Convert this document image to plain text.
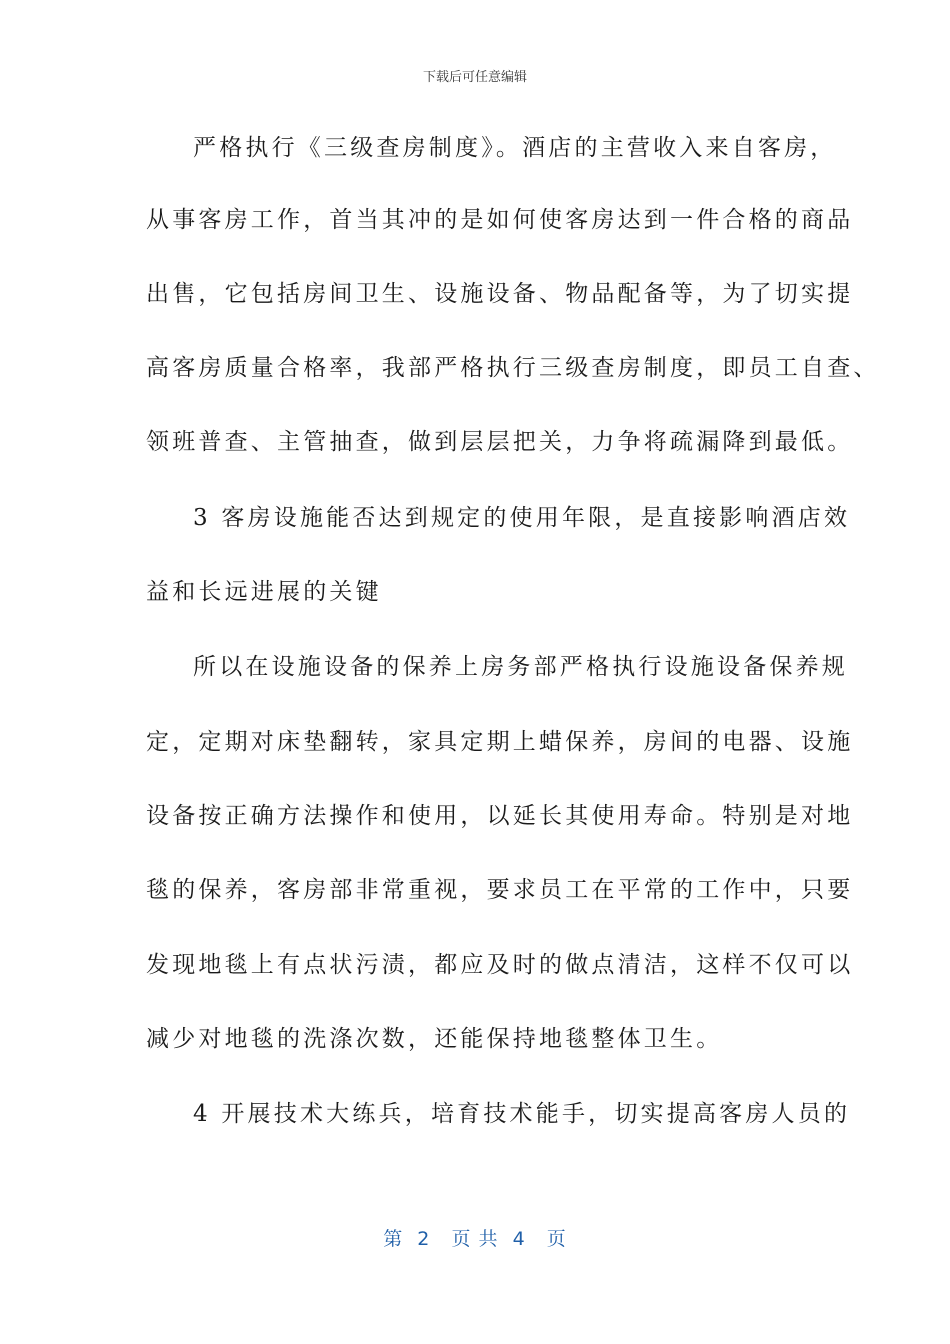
下载后可任意编辑
严格执行《三级查房制度》。酒店的主营收入来自客房，
从事客房工作，首当其冲的是如何使客房达到一件合格的商品
出售，它包括房间卫生、设施设备、物品配备等，为了切实提
高客房质量合格率，我部严格执行三级查房制度，即员工自查、
领班普查、主管抽查，做到层层把关，力争将疏漏降到最低。
3 客房设施能否达到规定的使用年限，是直接影响酒店效
益和长远进展的关键
所以在设施设备的保养上房务部严格执行设施设备保养规
定，定期对床垫翻转，家具定期上蜡保养，房间的电器、设施
设备按正确方法操作和使用，以延长其使用寿命。特别是对地
毯的保养，客房部非常重视，要求员工在平常的工作中，只要
发现地毯上有点状污渍，都应及时的做点清洁，这样不仅可以
减少对地毯的洗涤次数，还能保持地毯整体卫生。
4 开展技术大练兵，培育技术能手，切实提高客房人员的
第  2   页 共  4   页
